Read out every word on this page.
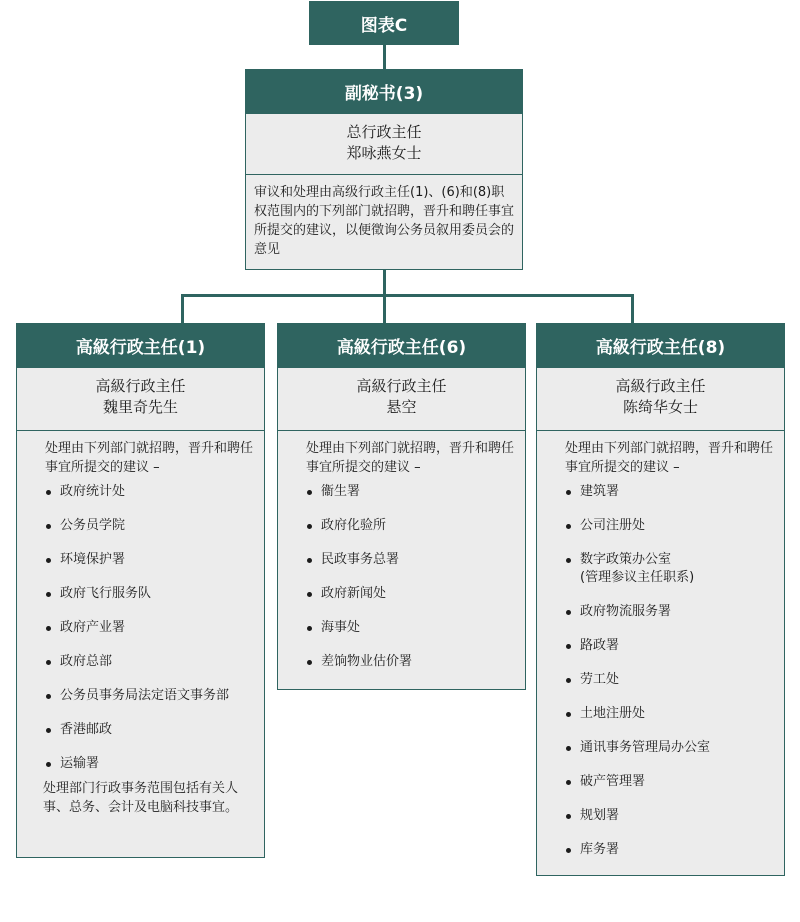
图表C
副秘书(3)
总行政主任
郑咏燕女士
审议和处理由高级行政主任(1)、(6)和(8)职权范围内的下列部门就招聘，晋升和聘任事宜所提交的建议，以便徵询公务员叙用委员会的意见
高級行政主任(1)
高級行政主任
魏里奇先生
处理由下列部门就招聘，晋升和聘任事宜所提交的建议 –
政府统计处
公务员学院
环境保护署
政府飞行服务队
政府产业署
政府总部
公务员事务局法定语文事务部
香港邮政
运输署
处理部门行政事务范围包括有关人事、总务、会计及电脑科技事宜。
高級行政主任(6)
高級行政主任
悬空
处理由下列部门就招聘，晋升和聘任事宜所提交的建议 –
衞生署
政府化验所
民政事务总署
政府新闻处
海事处
差饷物业估价署
高級行政主任(8)
高級行政主任
陈绮华女士
处理由下列部门就招聘，晋升和聘任事宜所提交的建议 –
建筑署
公司注册处
数字政策办公室
(管理参议主任职系)
政府物流服务署
路政署
劳工处
土地注册处
通讯事务管理局办公室
破产管理署
规划署
库务署
